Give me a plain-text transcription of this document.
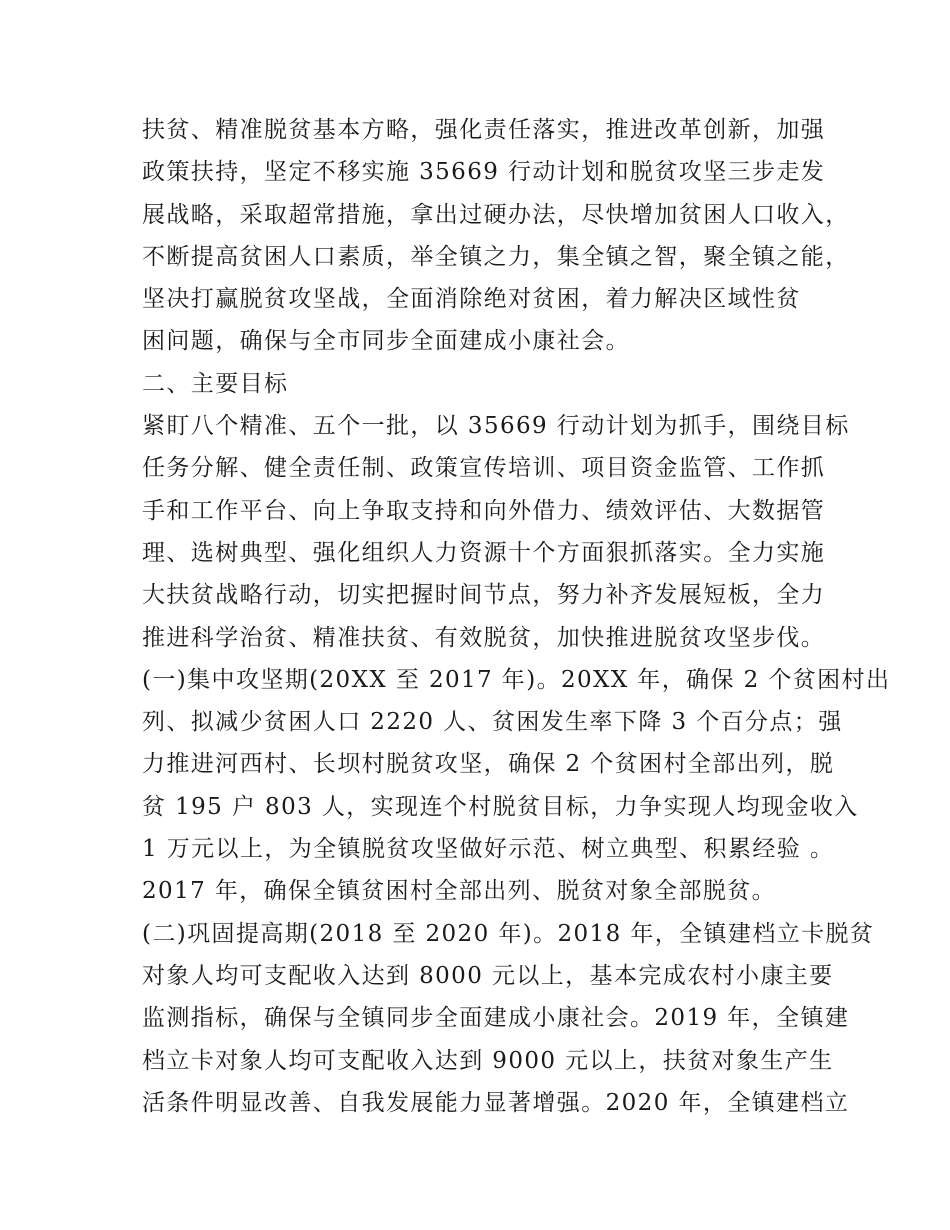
扶贫、精准脱贫基本方略，强化责任落实，推进改革创新，加强
政策扶持，坚定不移实施 35669 行动计划和脱贫攻坚三步走发
展战略，采取超常措施，拿出过硬办法，尽快增加贫困人口收入，
不断提高贫困人口素质，举全镇之力，集全镇之智，聚全镇之能，
坚决打赢脱贫攻坚战，全面消除绝对贫困，着力解决区域性贫
困问题，确保与全市同步全面建成小康社会。
二、主要目标
紧盯八个精准、五个一批，以 35669 行动计划为抓手，围绕目标
任务分解、健全责任制、政策宣传培训、项目资金监管、工作抓
手和工作平台、向上争取支持和向外借力、绩效评估、大数据管
理、选树典型、强化组织人力资源十个方面狠抓落实。全力实施
大扶贫战略行动，切实把握时间节点，努力补齐发展短板，全力
推进科学治贫、精准扶贫、有效脱贫，加快推进脱贫攻坚步伐。
(一)集中攻坚期(20XX 至 2017 年)。20XX 年，确保 2 个贫困村出
列、拟减少贫困人口 2220 人、贫困发生率下降 3 个百分点；强
力推进河西村、长坝村脱贫攻坚，确保 2 个贫困村全部出列，脱
贫 195 户 803 人，实现连个村脱贫目标，力争实现人均现金收入
1 万元以上，为全镇脱贫攻坚做好示范、树立典型、积累经验 。
2017 年，确保全镇贫困村全部出列、脱贫对象全部脱贫。
(二)巩固提高期(2018 至 2020 年)。2018 年，全镇建档立卡脱贫
对象人均可支配收入达到 8000 元以上，基本完成农村小康主要
监测指标，确保与全镇同步全面建成小康社会。2019 年，全镇建
档立卡对象人均可支配收入达到 9000 元以上，扶贫对象生产生
活条件明显改善、自我发展能力显著增强。2020 年，全镇建档立
